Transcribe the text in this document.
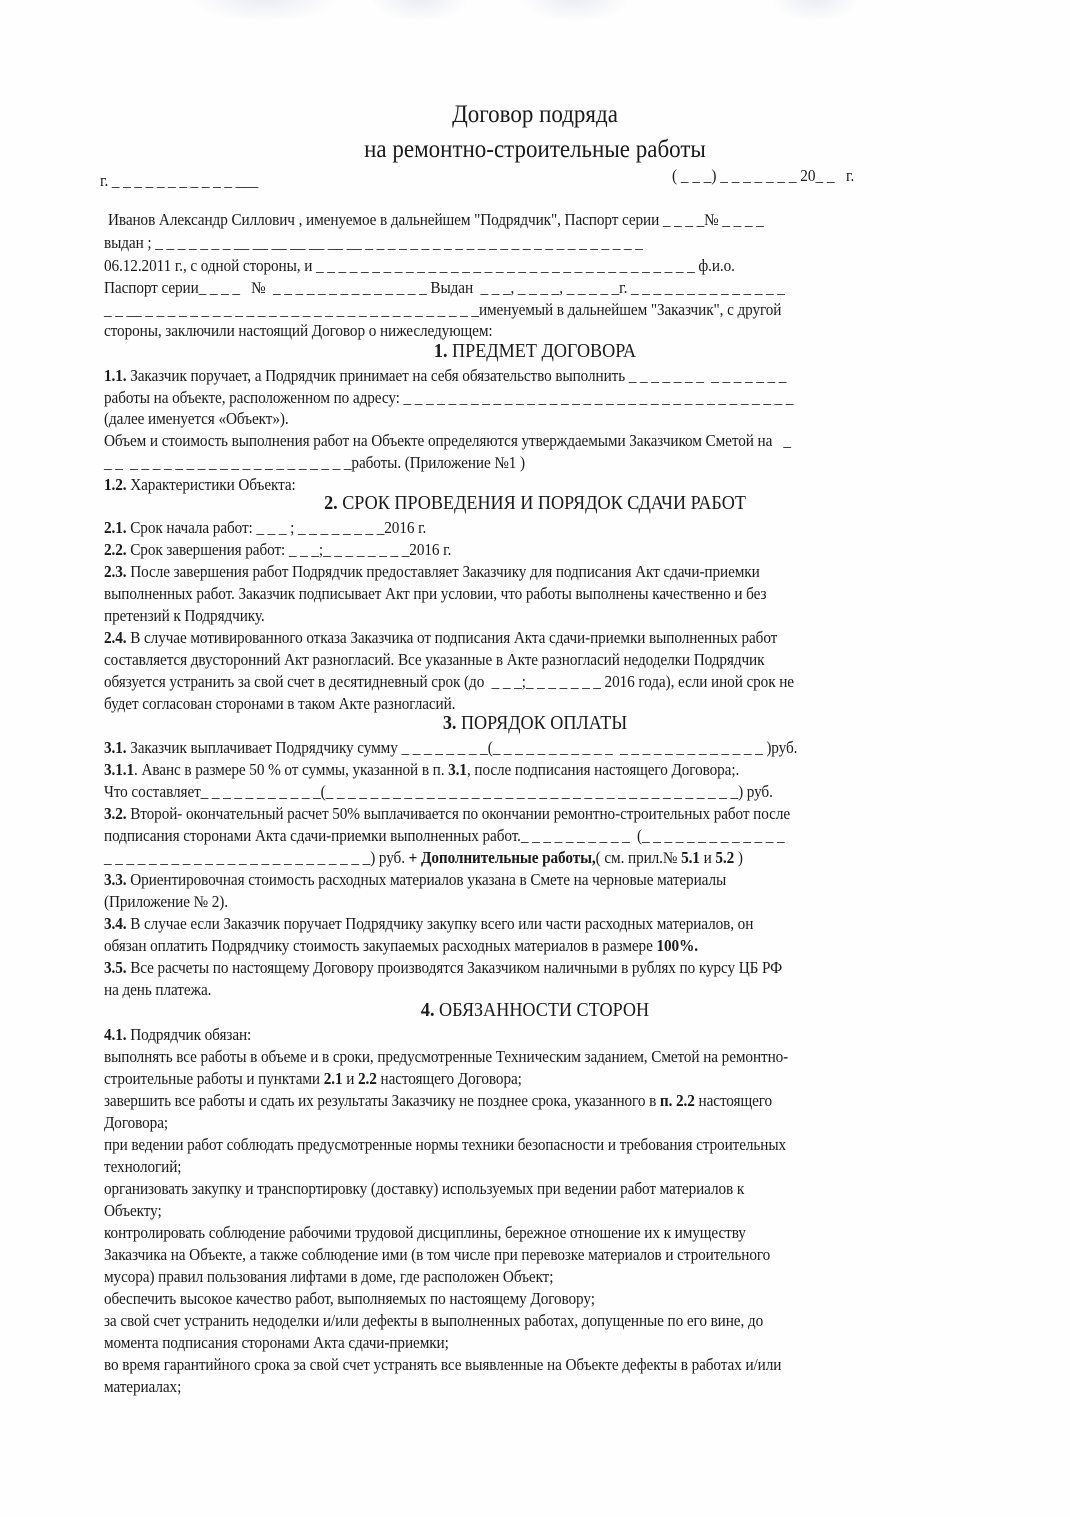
Договор подряда
на ремонтно-строительные работы
г. _ _ _ _ _ _ _ _ _ _ _ ___	( _ _ _) _ _ _ _ _ _ _ 20_ _   г.
Иванов Александр Силлович , именуемое в дальнейшем "Подрядчик", Паспорт серии _ _ _ _№ _ _ _ _
выдан ; _ _ _ _ _ _ _ __ __ __ __ __ __ __ _ _ _ _ _ _ _ _ _ _ _ _ _ _ _ _ _ _ _ _ _ _ _ _ _
06.12.2011 г., с одной стороны, и _ _ _ _ _ _ _ _ _ _ _ _ _ _ _ _ _ _ _ _ _ _ _ _ _ _ _ _ _ _ _ _ _ _ ф.и.о.
Паспорт серии_ _ _ _   №  _ _ _ _ _ _ _ _ _ _ _ _ _ _ Выдан  _ _ _, _ _ _ _, _ _ _ _ _г. _ _ _ _ _ _ _ _ _ _ _ _ _ _
_ _ __ _ _ _ _ _ _ _ _ _ _ _ _ _ _ _ _ _ _ _ _ _ _ _ _ _ _ _ _ _ _именуемый в дальнейшем "Заказчик", с другой
стороны, заключили настоящий Договор о нижеследующем:
1. ПРЕДМЕТ ДОГОВОРА
1.1. Заказчик поручает, а Подрядчик принимает на себя обязательство выполнить _ _ _ _ _ _ _  _ _ _ _ _ _ _
работы на объекте, расположенном по адресу: _ _ _ _ _ _ _ _ _ _ _ _ _ _ _ _ _ _ _ _ _ _ _ _ _ _ _ _ _ _ _ _ _ _ _
(далее именуется «Объект»).
Объем и стоимость выполнения работ на Объекте определяются утверждаемыми Заказчиком Сметой на   _
_ _  _ _ _ _ _ _ _ _ _ _ _ _ _ _ _ _ _ _ _ _работы. (Приложение №1 )
1.2. Характеристики Объекта:
2. СРОК ПРОВЕДЕНИЯ И ПОРЯДОК СДАЧИ РАБОТ
2.1. Срок начала работ: _ _ _ ; _ _ _ _ _ _ _ _2016 г.
2.2. Срок завершения работ: _ _ _;_ _ _ _ _ _ _ _2016 г.
2.3. После завершения работ Подрядчик предоставляет Заказчику для подписания Акт сдачи-приемки
выполненных работ. Заказчик подписывает Акт при условии, что работы выполнены качественно и без
претензий к Подрядчику.
2.4. В случае мотивированного отказа Заказчика от подписания Акта сдачи-приемки выполненных работ
составляется двусторонний Акт разногласий. Все указанные в Акте разногласий недоделки Подрядчик
обязуется устранить за свой счет в десятидневный срок (до  _ _ _;_ _ _ _ _ _ _ 2016 года), если иной срок не
будет согласован сторонами в таком Акте разногласий.
3. ПОРЯДОК ОПЛАТЫ
3.1. Заказчик выплачивает Подрядчику сумму _ _ _ _ _ _ _ _(_ _ _ _ _ _ _ _ _ _ _  _ _ _ _ _ _ _ _ _ _ _ _ _ )руб.
3.1.1. Аванс в размере 50 % от суммы, указанной в п. 3.1, после подписания настоящего Договора;.
Что составляет_ _ _ _ _ _ _ _ _ _ _(_ _ _ _ _ _ _ _ _ _ _ _ _ _ _ _ _ _ _ _ _ _ _ _ _ _ _ _ _ _ _ _ _ _ _ _ _) руб.
3.2. Второй- окончательный расчет 50% выплачивается по окончании ремонтно-строительных работ после
подписания сторонами Акта сдачи-приемки выполненных работ._ _ _ _ _ _ _ _ _ _  (_ _ _ _ _ _ _ _ _ _ _ _ _
_ _ _ _ _ _ _ _ _ _ _ _ _ _ _ _ _ _ _ _ _ _ _ _) руб. + Дополнительные работы,( см. прил.№ 5.1 и 5.2 )
3.3. Ориентировочная стоимость расходных материалов указана в Смете на черновые материалы
(Приложение № 2).
3.4. В случае если Заказчик поручает Подрядчику закупку всего или части расходных материалов, он
обязан оплатить Подрядчику стоимость закупаемых расходных материалов в размере 100%.
3.5. Все расчеты по настоящему Договору производятся Заказчиком наличными в рублях по курсу ЦБ РФ
на день платежа.
4. ОБЯЗАННОСТИ СТОРОН
4.1. Подрядчик обязан:
выполнять все работы в объеме и в сроки, предусмотренные Техническим заданием, Сметой на ремонтно-
строительные работы и пунктами 2.1 и 2.2 настоящего Договора;
завершить все работы и сдать их результаты Заказчику не позднее срока, указанного в п. 2.2 настоящего
Договора;
при ведении работ соблюдать предусмотренные нормы техники безопасности и требования строительных
технологий;
организовать закупку и транспортировку (доставку) используемых при ведении работ материалов к
Объекту;
контролировать соблюдение рабочими трудовой дисциплины, бережное отношение их к имуществу
Заказчика на Объекте, а также соблюдение ими (в том числе при перевозке материалов и строительного
мусора) правил пользования лифтами в доме, где расположен Объект;
обеспечить высокое качество работ, выполняемых по настоящему Договору;
за свой счет устранить недоделки и/или дефекты в выполненных работах, допущенные по его вине, до
момента подписания сторонами Акта сдачи-приемки;
во время гарантийного срока за свой счет устранять все выявленные на Объекте дефекты в работах и/или
материалах;
